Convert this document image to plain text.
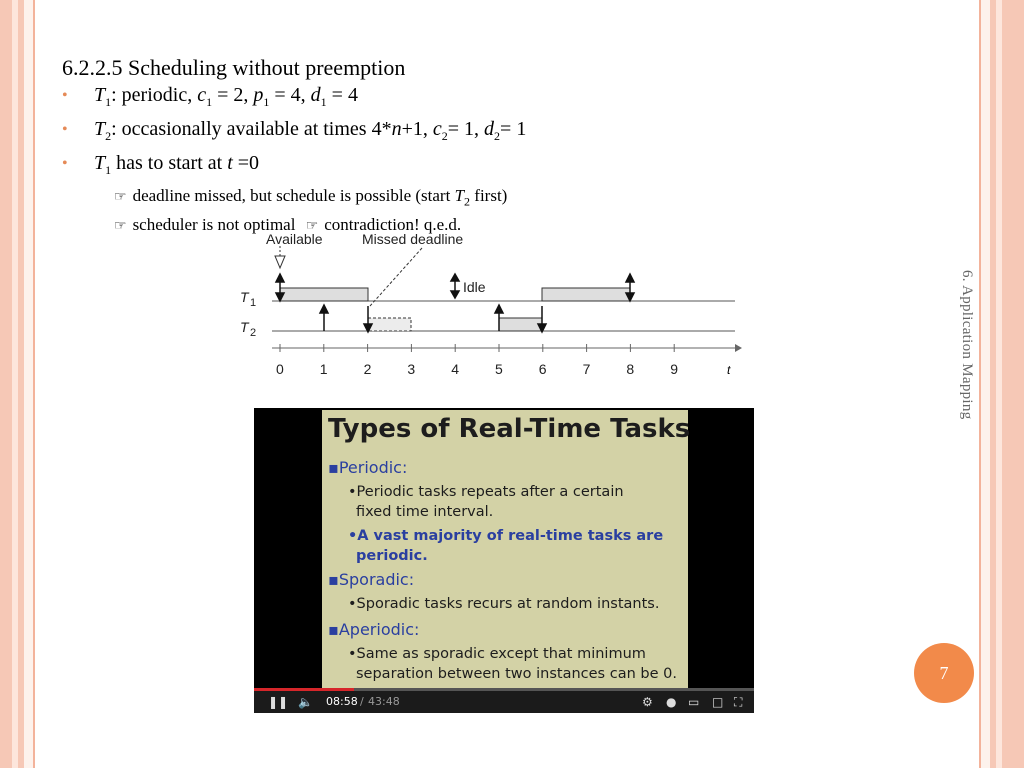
6.2.2.5 Scheduling without preemption
• $T_1$: periodic, $c_1 = 2$, $p_1 = 4$, $d_1 = 4$
• $T_2$: occasionally available at times 4*n+1, $c_2= 1$, $d_2= 1$
• $T_1$ has to start at t =0
☞ deadline missed, but schedule is possible (start $T_2$ first)
☞ scheduler is not optimal ☞ contradiction! q.e.d.
Available	Missed deadline
Idle
T 1
T 2
0	1	2	3	4	5	6	7	8	9	t	6. Application Mapping
7
Types of Real-Time Tasks
▪Periodic:
•Periodic tasks repeats after a certain
fixed time interval.
•A vast majority of real-time tasks are
periodic.
▪Sporadic:
•Sporadic tasks recurs at random instants.
▪Aperiodic:
•Same as sporadic except that minimum
separation between two instances can be 0.
❚❚ 🔈 08:58 / 43:48	⚙ ● ▭ □ ⛶
